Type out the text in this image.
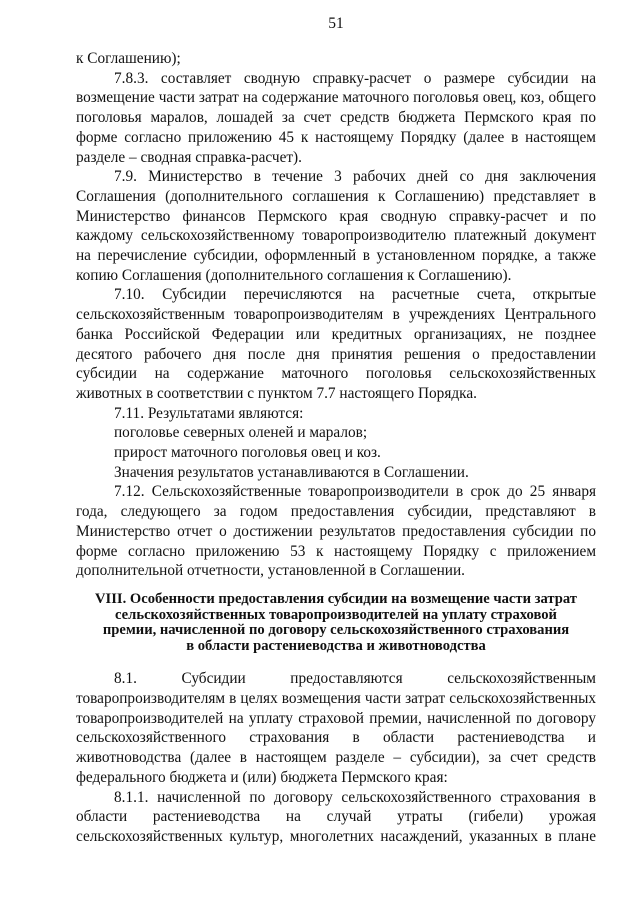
51

к Соглашению);

7.8.3. составляет сводную справку-расчет о размере субсидии на возмещение части затрат на содержание маточного поголовья овец, коз, общего поголовья маралов, лошадей за счет средств бюджета Пермского края по форме согласно приложению 45 к настоящему Порядку (далее в настоящем разделе – сводная справка-расчет).

7.9. Министерство в течение 3 рабочих дней со дня заключения Соглашения (дополнительного соглашения к Соглашению) представляет в Министерство финансов Пермского края сводную справку-расчет и по каждому сельскохозяйственному товаропроизводителю платежный документ на перечисление субсидии, оформленный в установленном порядке, а также копию Соглашения (дополнительного соглашения к Соглашению).

7.10. Субсидии перечисляются на расчетные счета, открытые сельскохозяйственным товаропроизводителям в учреждениях Центрального банка Российской Федерации или кредитных организациях, не позднее десятого рабочего дня после дня принятия решения о предоставлении субсидии на содержание маточного поголовья сельскохозяйственных животных в соответствии с пунктом 7.7 настоящего Порядка.

7.11. Результатами являются:

поголовье северных оленей и маралов;

прирост маточного поголовья овец и коз.

Значения результатов устанавливаются в Соглашении.

7.12. Сельскохозяйственные товаропроизводители в срок до 25 января года, следующего за годом предоставления субсидии, представляют в Министерство отчет о достижении результатов предоставления субсидии по форме согласно приложению 53 к настоящему Порядку с приложением дополнительной отчетности, установленной в Соглашении.

VIII. Особенности предоставления субсидии на возмещение части затрат
сельскохозяйственных товаропроизводителей на уплату страховой
премии, начисленной по договору сельскохозяйственного страхования
в области растениеводства и животноводства

8.1. Субсидии предоставляются сельскохозяйственным товаропроизводителям в целях возмещения части затрат сельскохозяйственных товаропроизводителей на уплату страховой премии, начисленной по договору сельскохозяйственного страхования в области растениеводства и животноводства (далее в настоящем разделе – субсидии), за счет средств федерального бюджета и (или) бюджета Пермского края:

8.1.1. начисленной по договору сельскохозяйственного страхования в области растениеводства на случай утраты (гибели) урожая сельскохозяйственных культур, многолетних насаждений, указанных в плане
